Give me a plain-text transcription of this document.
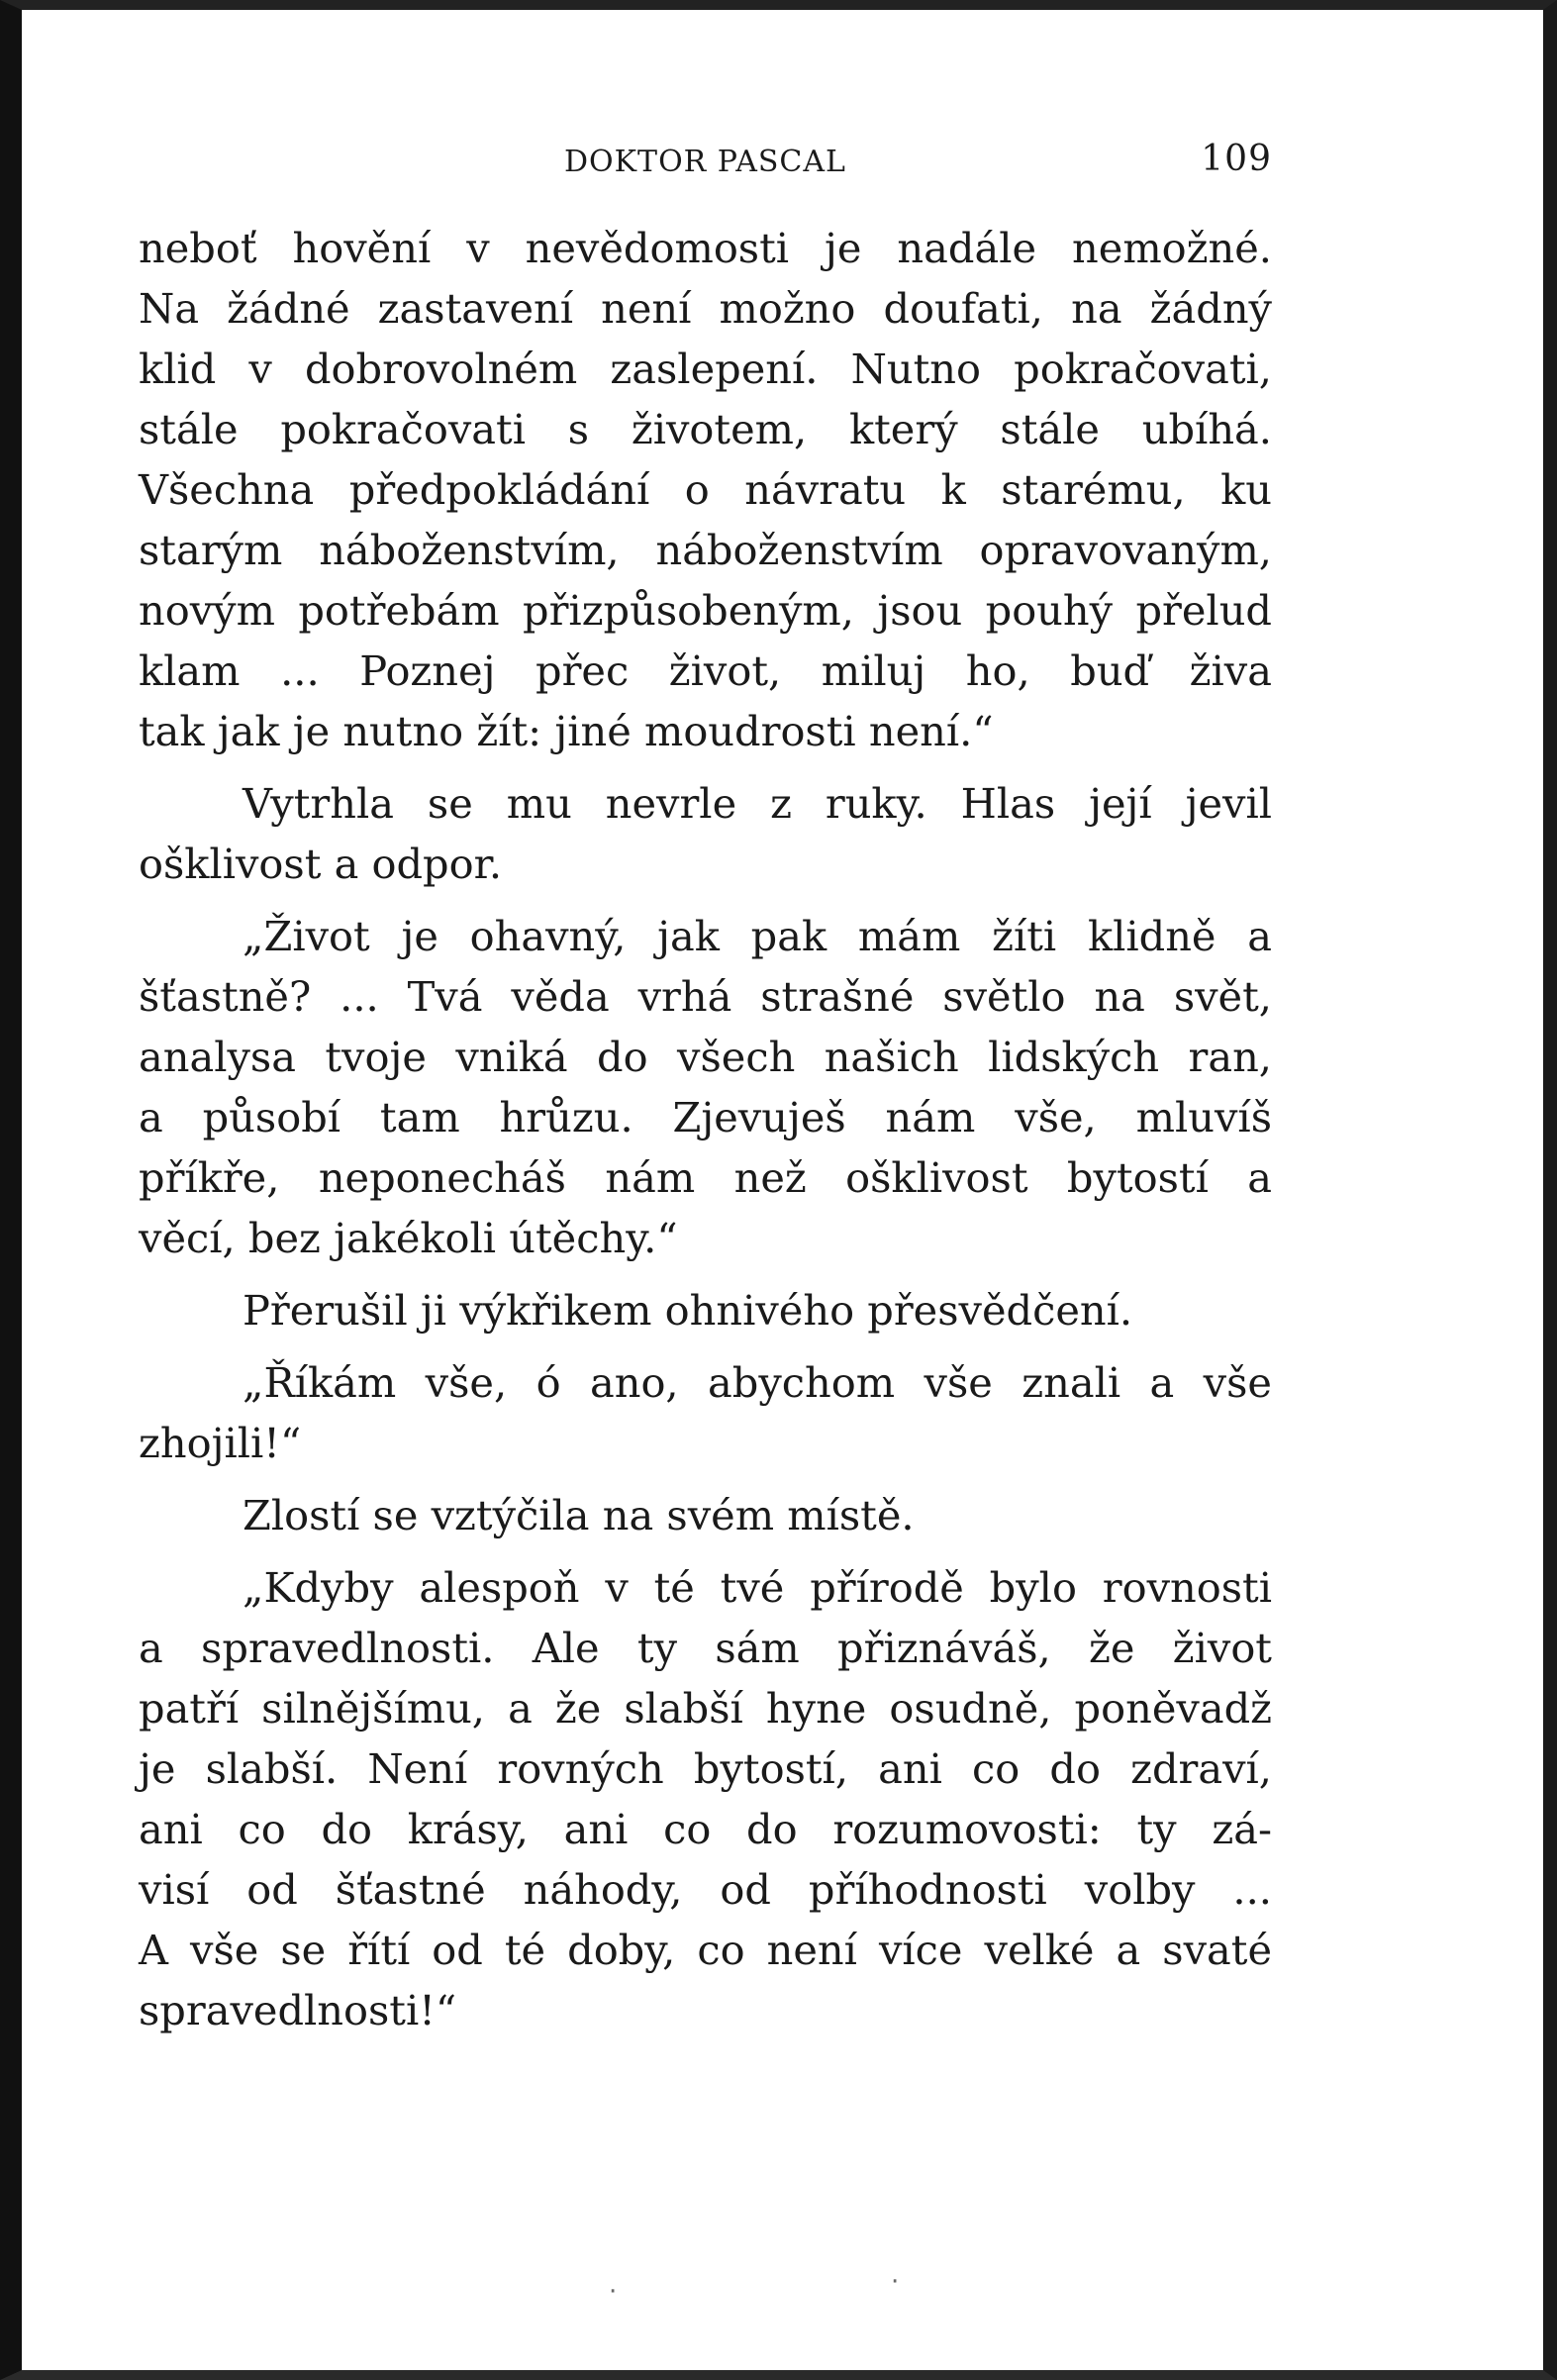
DOKTOR PASCAL	109
neboť hovění v nevědomosti je nadále nemožné.
Na žádné zastavení není možno doufati, na žádný
klid v dobrovolném zaslepení. Nutno pokračovati,
stále pokračovati s životem, který stále ubíhá.
Všechna předpokládání o návratu k starému, ku
starým náboženstvím, náboženstvím opravovaným,
novým potřebám přizpůsobeným, jsou pouhý přelud
klam ... Poznej přec život, miluj ho, buď živa
tak jak je nutno žít: jiné moudrosti není.“
Vytrhla se mu nevrle z ruky. Hlas její jevil
ošklivost a odpor.
„Život je ohavný, jak pak mám žíti klidně a
šťastně? ... Tvá věda vrhá strašné světlo na svět,
analysa tvoje vniká do všech našich lidských ran,
a působí tam hrůzu. Zjevuješ nám vše, mluvíš
příkře, neponecháš nám než ošklivost bytostí a
věcí, bez jakékoli útěchy.“
Přerušil ji výkřikem ohnivého přesvědčení.
„Říkám vše, ó ano, abychom vše znali a vše
zhojili!“
Zlostí se vztýčila na svém místě.
„Kdyby alespoň v té tvé přírodě bylo rovnosti
a spravedlnosti. Ale ty sám přiznáváš, že život
patří silnějšímu, a že slabší hyne osudně, poněvadž
je slabší. Není rovných bytostí, ani co do zdraví,
ani co do krásy, ani co do rozumovosti: ty zá-
visí od šťastné náhody, od příhodnosti volby ...
A vše se řítí od té doby, co není více velké a svaté
spravedlnosti!“
·
·
